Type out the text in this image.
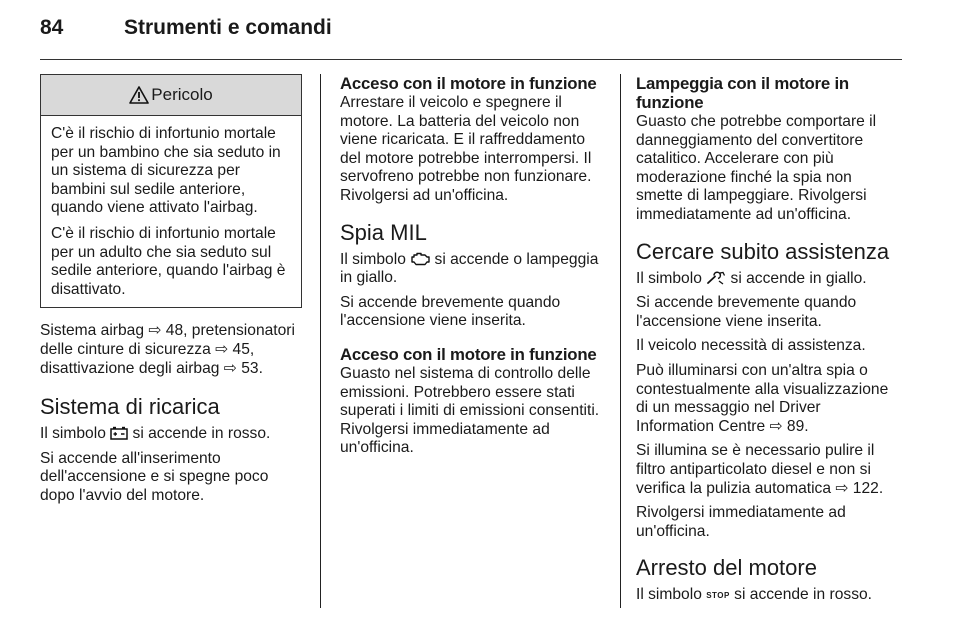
84	Strumenti e comandi
Pericolo

C'è il rischio di infortunio mortale per un bambino che sia seduto in un sistema di sicurezza per bambini sul sedile anteriore, quando viene attivato l'airbag.

C'è il rischio di infortunio mortale per un adulto che sia seduto sul sedile anteriore, quando l'airbag è disattivato.

Sistema airbag ⇨ 48, pretensionatori delle cinture di sicurezza ⇨ 45, disattivazione degli airbag ⇨ 53.

Sistema di ricarica

Il simbolo  si accende in rosso.

Si accende all'inserimento dell'accensione e si spegne poco dopo l'avvio del motore.

Acceso con il motore in funzione

Arrestare il veicolo e spegnere il motore. La batteria del veicolo non viene ricaricata. E il raffreddamento del motore potrebbe interrompersi. Il servofreno potrebbe non funzionare. Rivolgersi ad un'officina.

Spia MIL

Il simbolo  si accende o lampeggia in giallo.

Si accende brevemente quando l'accensione viene inserita.

Acceso con il motore in funzione

Guasto nel sistema di controllo delle emissioni. Potrebbero essere stati superati i limiti di emissioni consentiti. Rivolgersi immediatamente ad un'officina.

Lampeggia con il motore in funzione

Guasto che potrebbe comportare il danneggiamento del convertitore catalitico. Accelerare con più moderazione finché la spia non smette di lampeggiare. Rivolgersi immediatamente ad un'officina.

Cercare subito assistenza

Il simbolo  si accende in giallo.

Si accende brevemente quando l'accensione viene inserita.

Il veicolo necessità di assistenza.

Può illuminarsi con un'altra spia o contestualmente alla visualizzazione di un messaggio nel Driver Information Centre ⇨ 89.

Si illumina se è necessario pulire il filtro antiparticolato diesel e non si verifica la pulizia automatica ⇨ 122.

Rivolgersi immediatamente ad un'officina.

Arresto del motore

Il simbolo STOP si accende in rosso.
